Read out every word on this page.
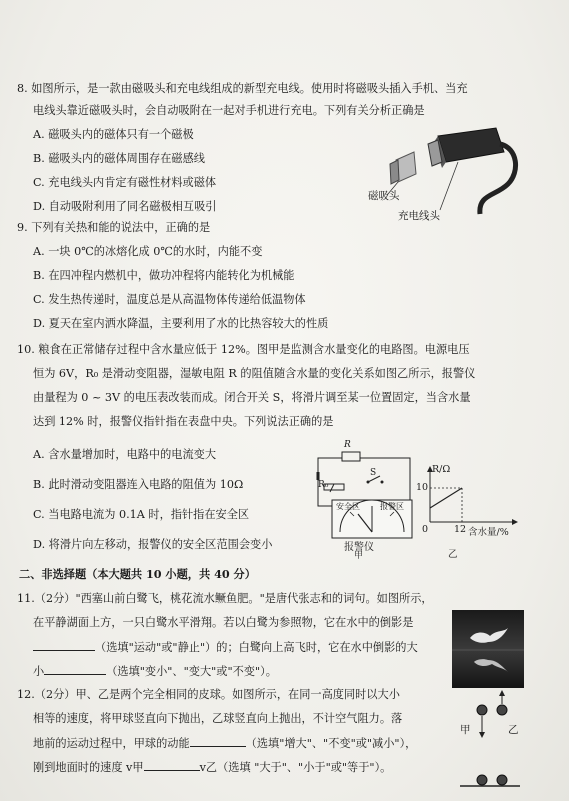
8. 如图所示，是一款由磁吸头和充电线组成的新型充电线。使用时将磁吸头插入手机、当充
电线头靠近磁吸头时，会自动吸附在一起对手机进行充电。下列有关分析正确是
A. 磁吸头内的磁体只有一个磁极
B. 磁吸头内的磁体周围存在磁感线
C. 充电线头内肯定有磁性材料或磁体
D. 自动吸附利用了同名磁极相互吸引
磁吸头
充电线头
9. 下列有关热和能的说法中，正确的是
A. 一块 0℃的冰熔化成 0℃的水时，内能不变
B. 在四冲程内燃机中，做功冲程将内能转化为机械能
C. 发生热传递时，温度总是从高温物体传递给低温物体
D. 夏天在室内洒水降温，主要利用了水的比热容较大的性质
10. 粮食在正常储存过程中含水量应低于 12%。图甲是监测含水量变化的电路图。电源电压
恒为 6V，R₀ 是滑动变阻器，湿敏电阻 R 的阻值随含水量的变化关系如图乙所示，报警仪
由量程为 0 ~ 3V 的电压表改装而成。闭合开关 S，将滑片调至某一位置固定，当含水量
达到 12% 时，报警仪指针指在表盘中央。下列说法正确的是
A. 含水量增加时，电路中的电流变大
B. 此时滑动变阻器连入电路的阻值为 10Ω
C. 当电路电流为 0.1A 时，指针指在安全区
D. 将滑片向左移动，报警仪的安全区范围会变小
R
R₀
S
安全区	报警区
报警仪
甲
R/Ω
10
0	12 含水量/%
乙
二、非选择题（本大题共 10 小题，共 40 分）
11.（2分）"西塞山前白鹭飞，桃花流水鳜鱼肥。"是唐代张志和的词句。如图所示，
在平静湖面上方，一只白鹭水平滑翔。若以白鹭为参照物，它在水中的倒影是
（选填"运动"或"静止"）的；白鹭向上高飞时，它在水中倒影的大
小	（选填"变小"、"变大"或"不变"）。
12.（2分）甲、乙是两个完全相同的皮球。如图所示，在同一高度同时以大小
相等的速度，将甲球竖直向下抛出，乙球竖直向上抛出，不计空气阻力。落
地前的运动过程中，甲球的动能	（选填"增大"、"不变"或"减小"），
刚到地面时的速度 v甲	v乙（选填 "大于"、"小于"或"等于"）。
甲	乙
